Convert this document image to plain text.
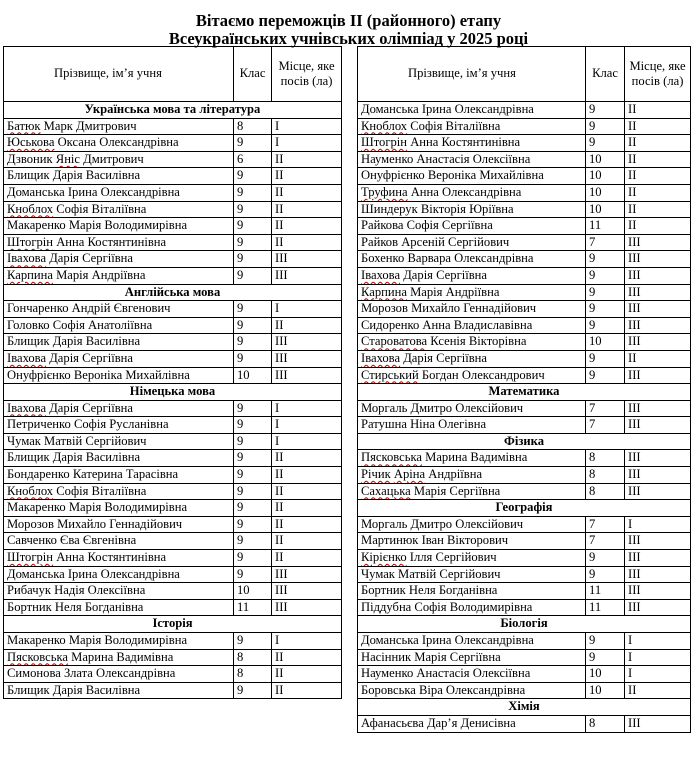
Вітаємо переможців ІІ (районного) етапу
Всеукраїнських учнівських олімпіад у 2025 році
Прізвище, ім’я учня	Клас	Місце, яке посів (ла)
Українська мова та література		
Батюк Марк Дмитрович	8	І
Юськова Оксана Олександрівна	9	І
Дзвоник Яніс Дмитрович	6	ІІ
Блищик Дарія Василівна	9	ІІ
Доманська Ірина Олександрівна	9	ІІ
Кноблох Софія Віталіївна	9	ІІ
Макаренко Марія Володимирівна	9	ІІ
Штогрін Анна Костянтинівна	9	ІІ
Івахова Дарія Сергіївна	9	ІІІ
Карпина Марія Андріївна	9	ІІІ
Англійська мова		
Гончаренко Андрій Євгенович	9	І
Головко Софія Анатоліївна	9	ІІ
Блищик Дарія Василівна	9	ІІІ
Івахова Дарія Сергіївна	9	ІІІ
Онуфрієнко Вероніка Михайлівна	10	ІІІ
Німецька мова		
Івахова Дарія Сергіївна	9	І
Петриченко Софія Русланівна	9	І
Чумак Матвій Сергійович	9	І
Блищик Дарія Василівна	9	ІІ
Бондаренко Катерина Тарасівна	9	ІІ
Кноблох Софія Віталіївна	9	ІІ
Макаренко Марія Володимирівна	9	ІІ
Морозов Михайло Геннадійович	9	ІІ
Савченко Єва Євгенівна	9	ІІ
Штогрін Анна Костянтинівна	9	ІІ
Доманська Ірина Олександрівна	9	ІІІ
Рибачук Надія Олексіївна	10	ІІІ
Бортник Неля Богданівна	11	ІІІ
Історія		
Макаренко Марія Володимирівна	9	І
Пясковська Марина Вадимівна	8	ІІ
Симонова Злата Олександрівна	8	ІІ
Блищик Дарія Василівна	9	ІІ
Прізвище, ім’я учня	Клас	Місце, яке посів (ла)
Доманська Ірина Олександрівна	9	ІІ
Кноблох Софія Віталіївна	9	ІІ
Штогрін Анна Костянтинівна	9	ІІ
Науменко Анастасія Олексіївна	10	ІІ
Онуфрієнко Вероніка Михайлівна	10	ІІ
Труфина Анна Олександрівна	10	ІІ
Шиндерук Вікторія Юріївна	10	ІІ
Райкова Софія Сергіївна	11	ІІ
Райков Арсеній Сергійович	7	ІІІ
Бохенко Варвара Олександрівна	9	ІІІ
Івахова Дарія Сергіївна	9	ІІІ
Карпина Марія Андріївна	9	ІІІ
Морозов Михайло Геннадійович	9	ІІІ
Сидоренко Анна Владиславівна	9	ІІІ
Староватова Ксенія Вікторівна	10	ІІІ
Івахова Дарія Сергіївна	9	ІІ
Стирський Богдан Олександрович	9	ІІІ
Математика		
Моргаль Дмитро Олексійович	7	ІІІ
Ратушна Ніна Олегівна	7	ІІІ
Фізика		
Пясковська Марина Вадимівна	8	ІІІ
Річик Аріна Андріївна	8	ІІІ
Сахацька Марія Сергіївна	8	ІІІ
Географія		
Моргаль Дмитро Олексійович	7	І
Мартинюк Іван Вікторович	7	ІІІ
Кірієнко Ілля Сергійович	9	ІІІ
Чумак Матвій Сергійович	9	ІІІ
Бортник Неля Богданівна	11	ІІІ
Піддубна Софія Володимирівна	11	ІІІ
Біологія		
Доманська Ірина Олександрівна	9	І
Насінник Марія Сергіївна	9	І
Науменко Анастасія Олексіївна	10	І
Боровська Віра Олександрівна	10	ІІ
Хімія		
Афанасьєва Дар’я Денисівна	8	ІІІ
